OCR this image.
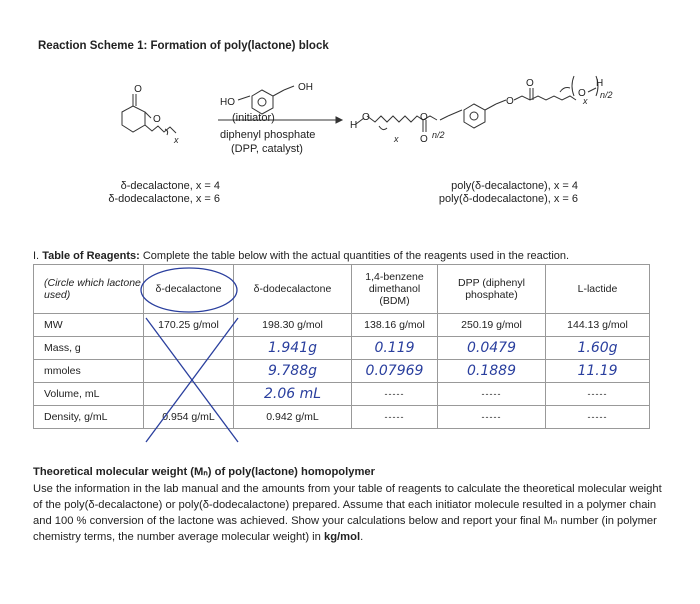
Reaction Scheme 1: Formation of poly(lactone) block
O
O
x
HO
OH
H
O
x
O
O n/2
O
O
O
x
H
n/2
(initiator)
diphenyl phosphate
(DPP, catalyst)
δ-decalactone, x = 4
δ-dodecalactone, x = 6
poly(δ-decalactone), x = 4
poly(δ-dodecalactone), x = 6
I. Table of Reagents: Complete the table below with the actual quantities of the reagents used in the reaction.
(Circle which lactone used)	δ-decalactone	δ-dodecalactone	1,4-benzene dimethanol (BDM)	DPP (diphenyl phosphate)	L-lactide
MW	170.25 g/mol	198.30 g/mol	138.16 g/mol	250.19 g/mol	144.13 g/mol
Mass, g		1.941g	0.119	0.0479	1.60g
mmoles		9.788g	0.07969	0.1889	11.19
Volume, mL		2.06 mL	-----	-----	-----
Density, g/mL	0.954 g/mL	0.942 g/mL	-----	-----	-----
Theoretical molecular weight (Mₙ) of poly(lactone) homopolymer
Use the information in the lab manual and the amounts from your table of reagents to calculate the theoretical molecular weight of the poly(δ-decalactone) or poly(δ-dodecalactone) prepared. Assume that each initiator molecule resulted in a polymer chain and 100 % conversion of the lactone was achieved. Show your calculations below and report your final Mₙ number (in polymer chemistry terms, the number average molecular weight) in kg/mol.
